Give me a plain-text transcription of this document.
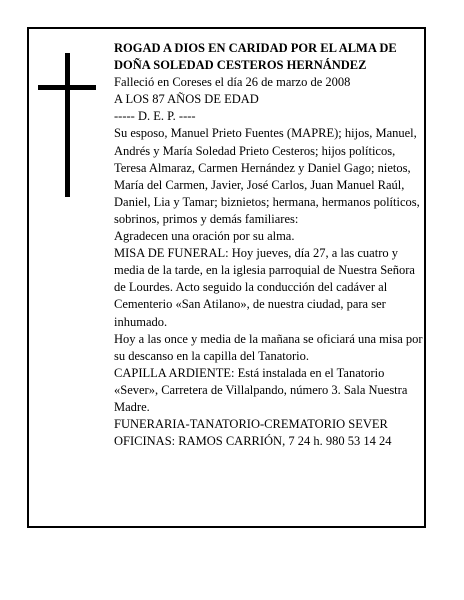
ROGAD A DIOS EN CARIDAD POR EL ALMA DE

DOÑA SOLEDAD CESTEROS HERNÁNDEZ

Falleció en Coreses el día 26 de marzo de 2008

A LOS 87 AÑOS DE EDAD

----- D. E. P. ----

Su esposo, Manuel Prieto Fuentes (MAPRE); hijos, Manuel, Andrés y María Soledad Prieto Cesteros; hijos políticos, Teresa Almaraz, Carmen Hernández y Daniel Gago; nietos, María del Carmen, Javier, José Carlos, Juan Manuel Raúl, Daniel, Lia y Tamar; biznietos; hermana, hermanos políticos, sobrinos, primos y demás familiares:

Agradecen una oración por su alma.

MISA DE FUNERAL: Hoy jueves, día 27, a las cuatro y media de la tarde, en la iglesia parroquial de Nuestra Señora de Lourdes. Acto seguido la conducción del cadáver al Cementerio «San Atilano», de nuestra ciudad, para ser inhumado.

Hoy a las once y media de la mañana se oficiará una misa por su descanso en la capilla del Tanatorio.

CAPILLA ARDIENTE: Está instalada en el Tanatorio «Sever», Carretera de Villalpando, número 3. Sala Nuestra Madre.

FUNERARIA-TANATORIO-CREMATORIO SEVER

OFICINAS: RAMOS CARRIÓN, 7 24 h. 980 53 14 24
